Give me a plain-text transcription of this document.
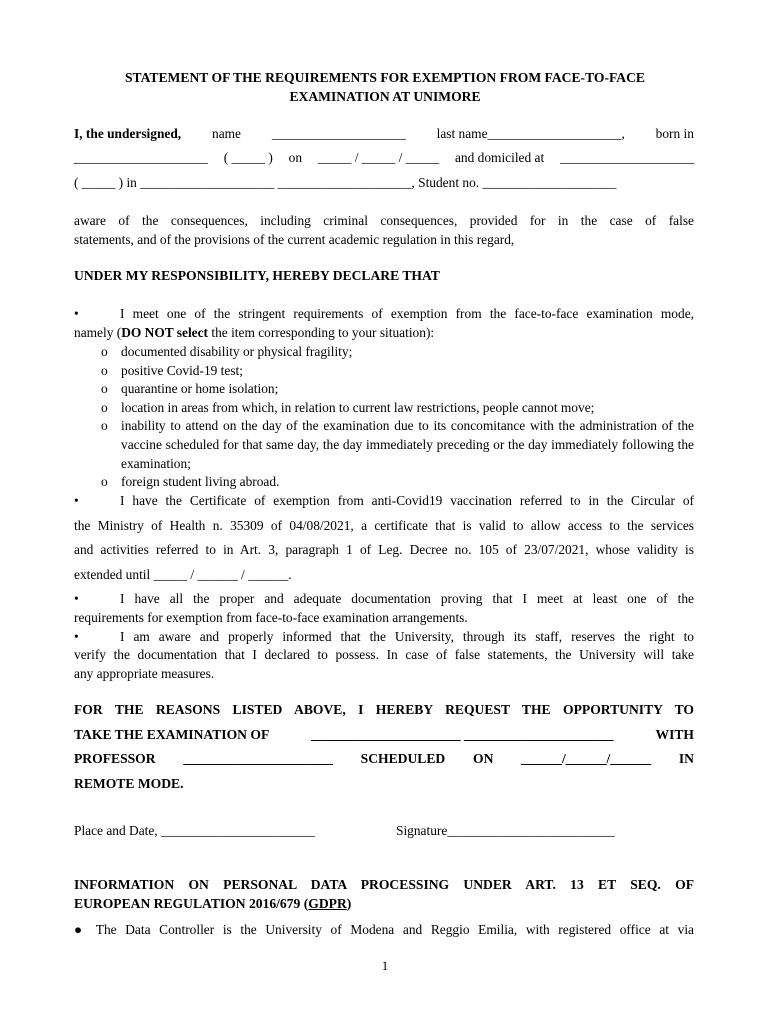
STATEMENT OF THE REQUIREMENTS FOR EXEMPTION FROM FACE-TO-FACE
EXAMINATION AT UNIMORE
I, the undersigned, name ____________________ last name____________________, born in
____________________ ( _____ ) on _____ / _____ / _____ and domiciled at ____________________
( _____ ) in ____________________ ____________________, Student no. ____________________
aware of the consequences, including criminal consequences, provided for in the case of false
statements, and of the provisions of the current academic regulation in this regard,
UNDER MY RESPONSIBILITY, HEREBY DECLARE THAT
•	I meet one of the stringent requirements of exemption from the face-to-face examination mode,
namely (DO NOT select the item corresponding to your situation):
o documented disability or physical fragility;
o positive Covid-19 test;
o quarantine or home isolation;
o location in areas from which, in relation to current law restrictions, people cannot move;
o inability to attend on the day of the examination due to its concomitance with the administration of the vaccine scheduled for that same day, the day immediately preceding or the day immediately following the examination;
o foreign student living abroad.
•	I have the Certificate of exemption from anti-Covid19 vaccination referred to in the Circular of
the Ministry of Health n. 35309 of 04/08/2021, a certificate that is valid to allow access to the services
and activities referred to in Art. 3, paragraph 1 of Leg. Decree no. 105 of 23/07/2021, whose validity is
extended until _____ / ______ / ______.
•	I have all the proper and adequate documentation proving that I meet at least one of the
requirements for exemption from face-to-face examination arrangements.
•	I am aware and properly informed that the University, through its staff, reserves the right to
verify the documentation that I declared to possess. In case of false statements, the University will take
any appropriate measures.
FOR THE REASONS LISTED ABOVE, I HEREBY REQUEST THE OPPORTUNITY TO
TAKE THE EXAMINATION OF	______________________ ______________________	WITH
PROFESSOR ______________________ SCHEDULED ON ______/______/______ IN
REMOTE MODE.
Place and Date, _______________________	Signature_________________________
INFORMATION ON PERSONAL DATA PROCESSING UNDER ART. 13 ET SEQ. OF
EUROPEAN REGULATION 2016/679 (GDPR)
● The Data Controller is the University of Modena and Reggio Emilia, with registered office at via
1
